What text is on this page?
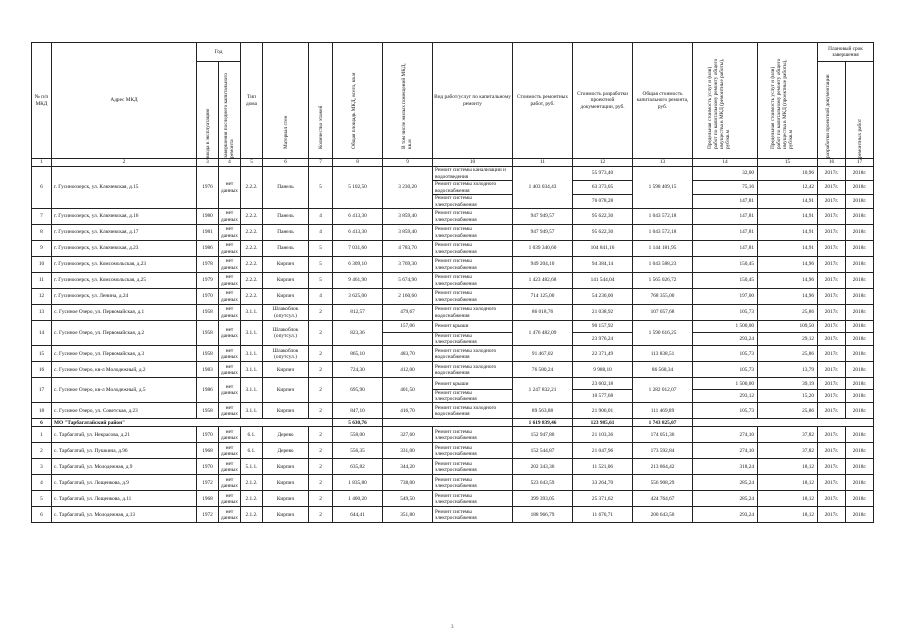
№ п/п МКД	Адрес МКД	Год		Тип дома	Материал стен	Количество этажей	Общая площадь МКД, всего, кв.м	В том числе жилых помещений МКД, кв.м	Вид работ/услуг по капитальному ремонту	Стоимость ремонтных работ, руб.	Стоимость разработки проектной документации, руб.	Общая стоимость капитального ремонта, руб.	Предельная стоимость услуг и (или) работ по капитальному ремонту общего имущества в МКД (ремонтные работы), руб/кв.м	Предельная стоимость услуг и (или) работ по капитальному ремонту общего имущества в МКД (проектные работы), руб/кв.м	Плановый срок завершения	

		ввода в эксплуатацию	завершения последнего капитального ремонта												разработки проектной документации	ремонтных работ

1	2	3	4	5	6	7	8	9	10	11	12	13	14	15	16	17
6	г. Гусиноозерск, ул. Ключевская, д.15	1976	нет данных	2.2.2.	Панель	5	5 102,50	3 230,20	Ремонт системы канализации и водоотведения	1 403 034,43	55 973,40	1 598 409,15	32,00	10,96	2017г.	2018г.
									Ремонт системы холодного водоснабжения		63 373,05		75,16	12,42	2017г.	2018г.
									Ремонт системы электроснабжения		76 078,28		147,81	14,91	2017г.	2018г.
7	г. Гусиноозерск, ул. Ключевская, д.16	1980	нет данных	2.2.2.	Панель	4	6 413,30	3 859,40	Ремонт системы электроснабжения	947 949,57	95 622,30	1 043 572,18	147,81	14,91	2017г.	2018г.
8	г. Гусиноозерск, ул. Ключевская, д.17	1981	нет данных	2.2.2.	Панель	4	6 413,30	3 859,40	Ремонт системы электроснабжения	947 949,57	95 622,30	1 043 572,18	147,81	14,91	2017г.	2018г.
9	г. Гусиноозерск, ул. Ключевская, д.23	1986	нет данных	2.2.2.	Панель	5	7 031,60	4 783,70	Ремонт системы электроснабжения	1 039 340,60	104 841,16	1 144 181,95	147,81	14,91	2017г.	2018г.
10	г. Гусиноозерск, ул. Комсомольская, д.23	1978	нет данных	2.2.2.	Кирпич	5	6 309,10	3 769,30	Ремонт системы электроснабжения	949 204,10	94 384,14	1 043 588,23	150,45	14,96	2017г.	2018г.
11	г. Гусиноозерск, ул. Комсомольская, д.25	1979	нет данных	2.2.2.	Кирпич	5	9 461,90	5 674,90	Ремонт системы электроснабжения	1 423 482,68	141 544,04	1 565 026,72	150,45	14,96	2017г.	2018г.
12	г. Гусиноозерск, ул. Ленина, д.24	1970	нет данных	2.2.2.	Кирпич	4	3 625,00	2 160,60	Ремонт системы электроснабжения	714 125,00	54 230,00	768 355,00	197,00	14,96	2017г.	2018г.
13	с. Гусиное Озеро, ул. Первомайская, д.1	1958	нет данных	3.1.1.	Шлакоблок (опутсул.)	2	812,57	479,67	Ремонт системы холодного водоснабжения	86 018,76	21 038,92	107 057,68	105,73	25,86	2017г.	2018г.
14	с. Гусиное Озеро, ул. Первомайская, д.2	1958	нет данных	3.1.1.	Шлакоблок (опутсул.)	2	823,36	157,06	Ремонт крыши	1 476 482,09	90 157,92	1 590 616,25	1 500,00	109,50	2017г.	2018г.
									Ремонт системы электроснабжения		23 976,24		293,24	29,12	2017г.	2018г.
15	с. Гусиное Озеро, ул. Первомайская, д.3	1958	нет данных	3.1.1.	Шлакоблок (опутсул.)	2	865,10	483,70	Ремонт системы холодного водоснабжения	91 467,02	22 371,49	113 838,51	105,73	25,86	2017г.	2018г.
16	с. Гусиное Озеро, кв-л Молодежный, д.2	1983	нет данных	3.1.1.	Кирпич	2	724,30	412,00	Ремонт системы холодного водоснабжения	76 580,24	9 988,10	86 568,34	105,73	13,79	2017г.	2018г.
17	с. Гусиное Озеро, кв-л Молодежный, д.5	1986	нет данных	3.1.1.	Кирпич	2	695,90	401,50	Ремонт крыши	1 247 832,21	23 602,18	1 282 012,07	1 500,00	39,19	2017г.	2018г.
									Ремонт системы электроснабжения		10 577,68		293,12	15,20	2017г.	2018г.
18	с. Гусиное Озеро, ул. Советская, д.23	1958	нет данных	3.1.1.	Кирпич	2	847,10	416,70	Ремонт системы холодного водоснабжения	89 563,88	21 906,01	111 469,89	105,73	25,86	2017г.	2018г.
6	МО "Тарбагатайский район"						5 630,76			1 619 839,46	123 985,61	1 743 825,07				
1	с. Тарбагатай, ул. Некрасова, д.21	1970	нет данных	6.1.	Дерево	2	558,00	327,60	Ремонт системы электроснабжения	152 947,80	21 103,36	174 051,36	274,10	37,82	2017г.	2018г.
2	с. Тарбагатай, ул. Пушкина, д.96	1968	нет данных	6.1.	Дерево	2	556,35	331,00	Ремонт системы электроснабжения	152 544,87	21 047,96	173 592,84	274,10	37,82	2017г.	2018г.
3	с. Тарбагатай, ул. Молодежная, д.9	1970	нет данных	5.1.1.	Кирпич	2	635,82	344,20	Ремонт системы электроснабжения	202 343,36	11 521,06	213 864,42	318,24	18,12	2017г.	2018г.
4	с. Тарбагатай, ул. Лощенкова, д.9	1972	нет данных	2.1.2.	Кирпич	2	1 835,80	738,00	Ремонт системы электроснабжения	523 643,59	33 264,70	556 908,29	285,24	18,12	2017г.	2018г.
5	с. Тарбагатай, ул. Лощенкова, д.11	1968	нет данных	2.1.2.	Кирпич	2	1 400,20	549,50	Ремонт системы электроснабжения	399 393,05	25 371,62	424 764,67	285,24	18,12	2017г.	2018г.
6	с. Тарбагатай, ул. Молодежная, д.13	1972	нет данных	2.1.2.	Кирпич	2	644,41	351,80	Ремонт системы электроснабжения	188 966,79	11 676,71	200 643,50	293,24	18,12	2017г.	2018г.
3
